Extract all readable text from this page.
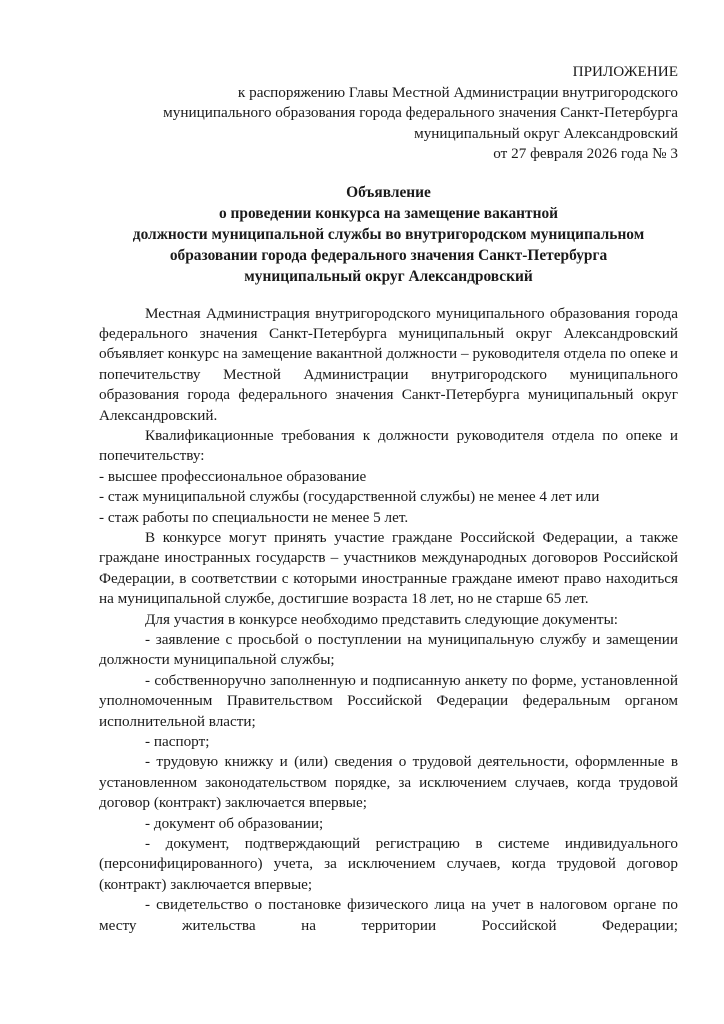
ПРИЛОЖЕНИЕ
к распоряжению Главы Местной Администрации внутригородского
муниципального образования города федерального значения Санкт-Петербурга
муниципальный округ Александровский
от 27 февраля 2026 года № 3
Объявление
о проведении конкурса на замещение вакантной
должности муниципальной службы во внутригородском муниципальном
образовании города федерального значения Санкт-Петербурга
муниципальный округ Александровский

Местная Администрация внутригородского муниципального образования города федерального значения Санкт-Петербурга муниципальный округ Александровский объявляет конкурс на замещение вакантной должности – руководителя отдела по опеке и попечительству Местной Администрации внутригородского муниципального образования города федерального значения Санкт-Петербурга муниципальный округ Александровский.

Квалификационные требования к должности руководителя отдела по опеке и попечительству:

- высшее профессиональное образование

- стаж муниципальной службы (государственной службы) не менее 4 лет или

- стаж работы по специальности не менее 5 лет.

В конкурсе могут принять участие граждане Российской Федерации, а также граждане иностранных государств – участников международных договоров Российской Федерации, в соответствии с которыми иностранные граждане имеют право находиться на муниципальной службе, достигшие возраста 18 лет, но не старше 65 лет.

Для участия в конкурсе необходимо представить следующие документы:

- заявление с просьбой о поступлении на муниципальную службу и замещении должности муниципальной службы;

- собственноручно заполненную и подписанную анкету по форме, установленной уполномоченным Правительством Российской Федерации федеральным органом исполнительной власти;

- паспорт;

- трудовую книжку и (или) сведения о трудовой деятельности, оформленные в установленном законодательством порядке, за исключением случаев, когда трудовой договор (контракт) заключается впервые;

- документ об образовании;

- документ, подтверждающий регистрацию в системе индивидуального (персонифицированного) учета, за исключением случаев, когда трудовой договор (контракт) заключается впервые;

- свидетельство о постановке физического лица на учет в налоговом органе по месту жительства на территории Российской Федерации;
